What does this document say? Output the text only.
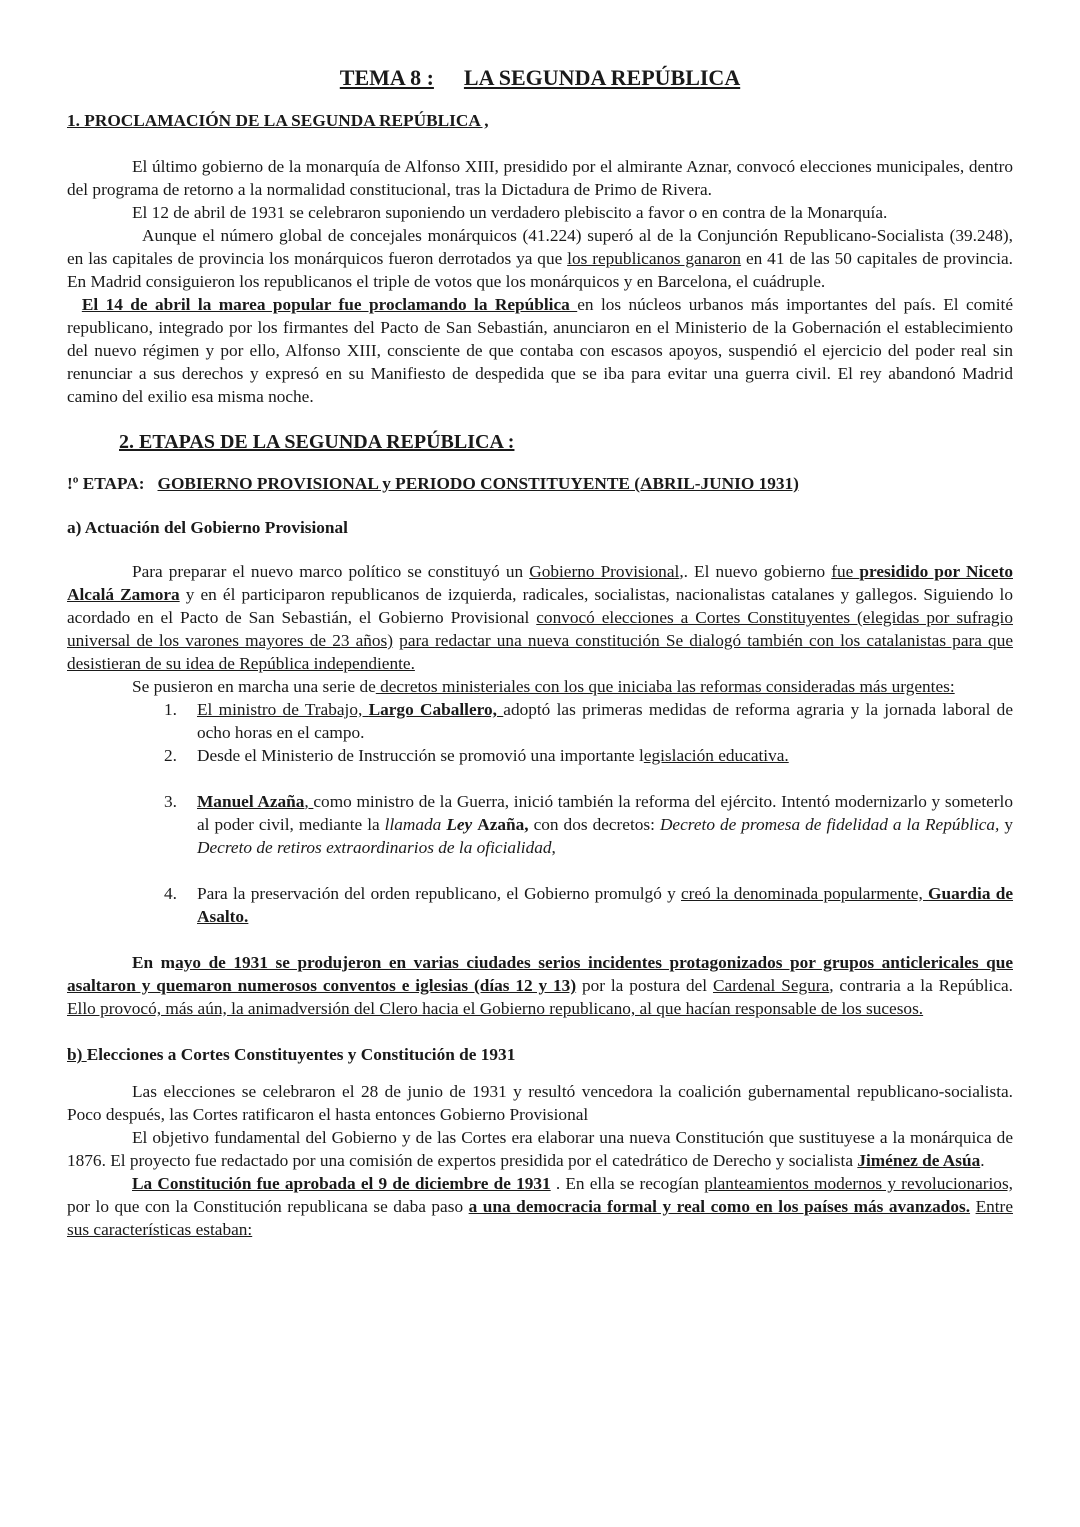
TEMA 8 : LA SEGUNDA REPÚBLICA
1. PROCLAMACIÓN DE LA SEGUNDA REPÚBLICA ,

El último gobierno de la monarquía de Alfonso XIII, presidido por el almirante Aznar, convocó elecciones municipales, dentro del programa de retorno a la normalidad constitucional, tras la Dictadura de Primo de Rivera.

El 12 de abril de 1931 se celebraron suponiendo un verdadero plebiscito a favor o en contra de la Monarquía.

Aunque el número global de concejales monárquicos (41.224) superó al de la Conjunción Republicano-Socialista (39.248), en las capitales de provincia los monárquicos fueron derrotados ya que los republicanos ganaron en 41 de las 50 capitales de provincia. En Madrid consiguieron los republicanos el triple de votos que los monárquicos y en Barcelona, el cuádruple.

El 14 de abril la marea popular fue proclamando la República en los núcleos urbanos más importantes del país. El comité republicano, integrado por los firmantes del Pacto de San Sebastián, anunciaron en el Ministerio de la Gobernación el establecimiento del nuevo régimen y por ello, Alfonso XIII, consciente de que contaba con escasos apoyos, suspendió el ejercicio del poder real sin renunciar a sus derechos y expresó en su Manifiesto de despedida que se iba para evitar una guerra civil. El rey abandonó Madrid camino del exilio esa misma noche.

2. ETAPAS DE LA SEGUNDA REPÚBLICA :
!º ETAPA: GOBIERNO PROVISIONAL y PERIODO CONSTITUYENTE (ABRIL-JUNIO 1931)
a) Actuación del Gobierno Provisional

Para preparar el nuevo marco político se constituyó un Gobierno Provisional,. El nuevo gobierno fue presidido por Niceto Alcalá Zamora y en él participaron republicanos de izquierda, radicales, socialistas, nacionalistas catalanes y gallegos. Siguiendo lo acordado en el Pacto de San Sebastián, el Gobierno Provisional convocó elecciones a Cortes Constituyentes (elegidas por sufragio universal de los varones mayores de 23 años) para redactar una nueva constitución Se dialogó también con los catalanistas para que desistieran de su idea de República independiente.

Se pusieron en marcha una serie de decretos ministeriales con los que iniciaba las reformas consideradas más urgentes:

1. El ministro de Trabajo, Largo Caballero, adoptó las primeras medidas de reforma agraria y la jornada laboral de ocho horas en el campo.
2. Desde el Ministerio de Instrucción se promovió una importante legislación educativa.
3. Manuel Azaña, como ministro de la Guerra, inició también la reforma del ejército. Intentó modernizarlo y someterlo al poder civil, mediante la llamada Ley Azaña, con dos decretos: Decreto de promesa de fidelidad a la República, y Decreto de retiros extraordinarios de la oficialidad,
4. Para la preservación del orden republicano, el Gobierno promulgó y creó la denominada popularmente, Guardia de Asalto.

En mayo de 1931 se produjeron en varias ciudades serios incidentes protagonizados por grupos anticlericales que asaltaron y quemaron numerosos conventos e iglesias (días 12 y 13) por la postura del Cardenal Segura, contraria a la República. Ello provocó, más aún, la animadversión del Clero hacia el Gobierno republicano, al que hacían responsable de los sucesos.

b) Elecciones a Cortes Constituyentes y Constitución de 1931

Las elecciones se celebraron el 28 de junio de 1931 y resultó vencedora la coalición gubernamental republicano-socialista. Poco después, las Cortes ratificaron el hasta entonces Gobierno Provisional

El objetivo fundamental del Gobierno y de las Cortes era elaborar una nueva Constitución que sustituyese a la monárquica de 1876. El proyecto fue redactado por una comisión de expertos presidida por el catedrático de Derecho y socialista Jiménez de Asúa.

La Constitución fue aprobada el 9 de diciembre de 1931 . En ella se recogían planteamientos modernos y revolucionarios, por lo que con la Constitución republicana se daba paso a una democracia formal y real como en los países más avanzados. Entre sus características estaban:
